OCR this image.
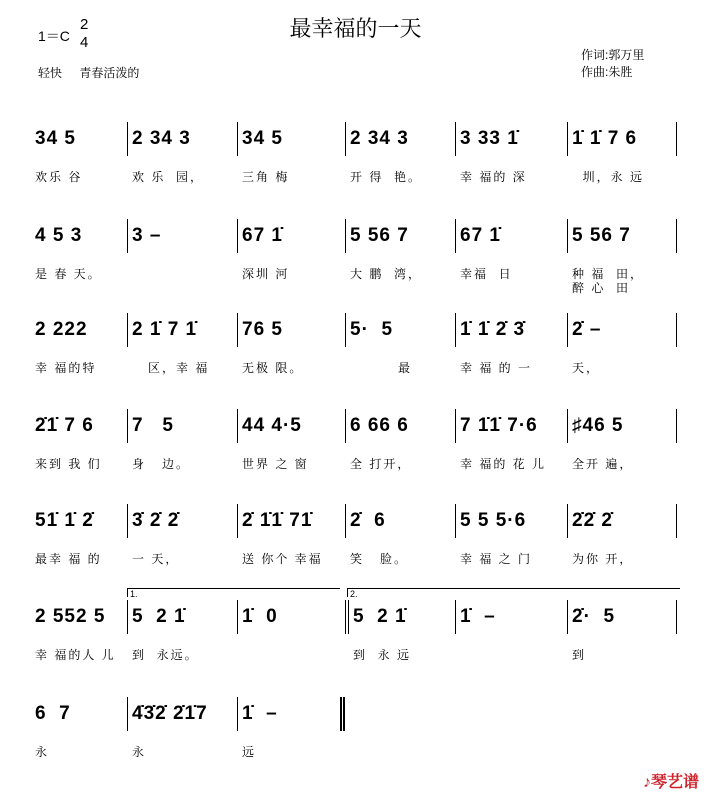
最幸福的一天
1＝C
2
4
轻快 青春活泼的
作词:郭万里
作曲:朱胜
34 5
欢乐 谷
2 34 3
欢 乐  园，
34 5
三角 梅
2 34 3
开 得  艳。
3 33 1̇
幸 福的 深
1̇ 1̇ 7 6
圳，永 远
4 5 3
是 春 天。
3 –	67 1̇
深圳 河
5 56 7
大 鹏  湾，
67 1̇
幸福  日
5 56 7
种 福  田，
醉 心  田
2 222
幸 福的特
2 1̇ 7 1̇
区，幸 福
76 5
无极 限。
5·  5
最
1̇ 1̇ 2̇ 3̇
幸 福 的 一
2̇ –
天，
2̇1̇ 7 6
来到 我 们
7   5
身   边。
44 4·5
世界 之 窗
6 66 6
全 打开，
7 1̇1̇ 7·6
幸 福的 花 儿
♯46 5
全开 遍，
51̇ 1̇ 2̇
最幸 福 的
3̇ 2̇ 2̇
一 天，
2̇ 1̇1̇ 71̇
送 你个 幸福
2̇  6
笑   脸。
5 5 5·6
幸 福 之 门
2̇2̇ 2̇
为你 开，
2 552 5
幸 福的人 儿
5  2 1̇
到  永远。
1̇  0	5  2 1̇
到  永 远
1̇  –	2̇·  5
到
1.	2.
6  7
永
4̇3̇2̇ 2̇1̇7
永
1̇  –
远
♪琴艺谱
